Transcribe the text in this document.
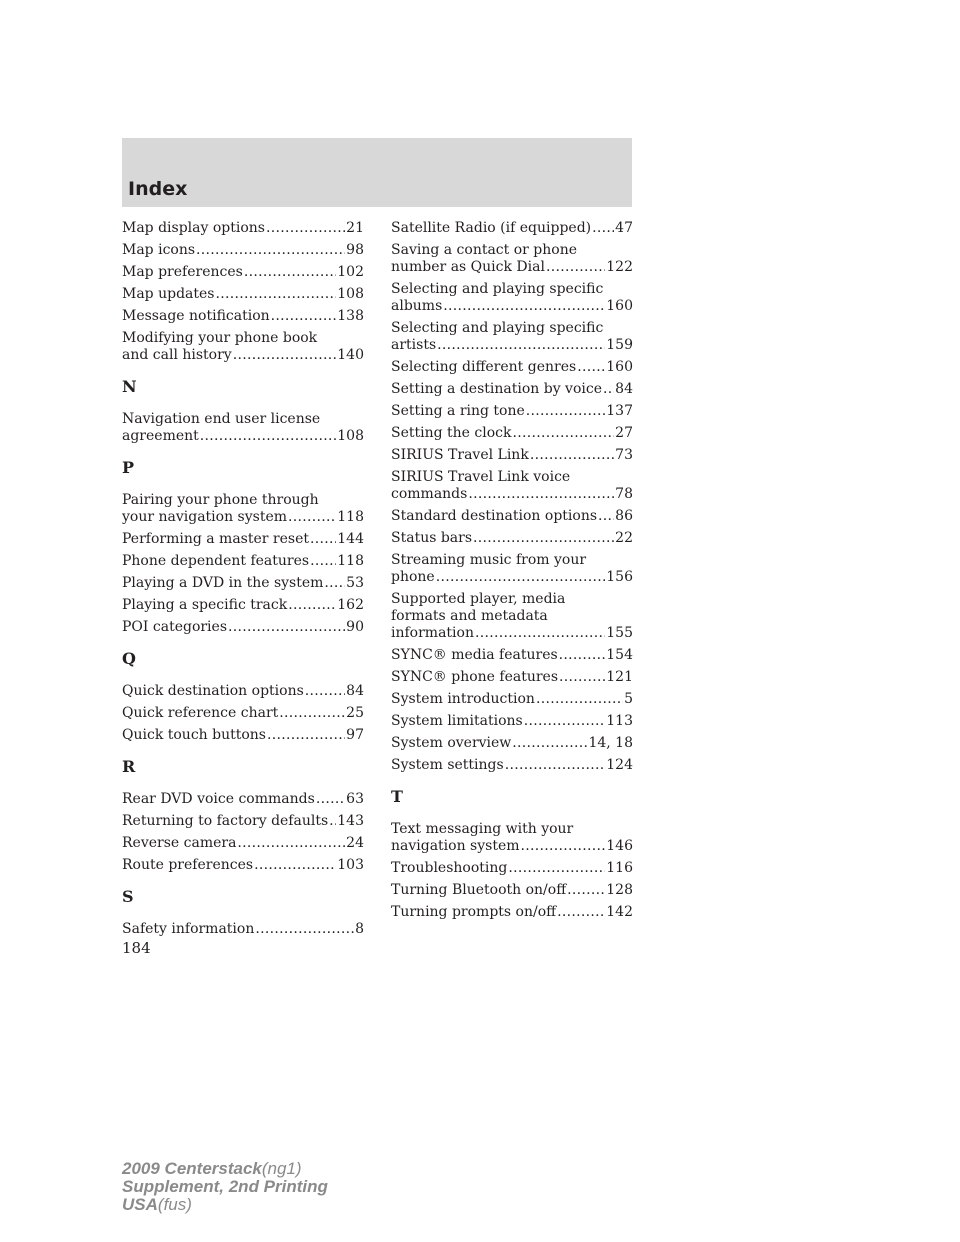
Index
Map display options .....	21
Map icons .....	98
Map preferences .....	102
Map updates .....	108
Message notification .....	138
Modifying your phone book
and call history .....	140
N
Navigation end user license
agreement .....	108
P
Pairing your phone through
your navigation system .....	118
Performing a master reset ..... 144
Phone dependent features ..... 118
Playing a DVD in the system ..... 53
Playing a specific track .....	162
POI categories .....	90
Q
Quick destination options .....	84
Quick reference chart .....	25
Quick touch buttons .....	97
R
Rear DVD voice commands ..... 63
Returning to factory defaults ..... 143
Reverse camera .....	24
Route preferences .....	103
S
Safety information .....	8
Satellite Radio (if equipped) ..... 47
Saving a contact or phone
number as Quick Dial .....	122
Selecting and playing specific
albums .....	160
Selecting and playing specific
artists .....	159
Selecting different genres ..... 160
Setting a destination by voice ..... 84
Setting a ring tone .....	137
Setting the clock .....	27
SIRIUS Travel Link .....	73
SIRIUS Travel Link voice
commands .....	78
Standard destination options ..... 86
Status bars .....	22
Streaming music from your
phone .....	156
Supported player, media
formats and metadata
information .....	155
SYNC® media features .....	154
SYNC® phone features .....	121
System introduction .....	5
System limitations .....	113
System overview .....	14, 18
System settings .....	124
T
Text messaging with your
navigation system .....	146
Troubleshooting .....	116
Turning Bluetooth on/off .....	128
Turning prompts on/off .....	142
184
2009 Centerstack(ng1)
Supplement, 2nd Printing
USA(fus)
